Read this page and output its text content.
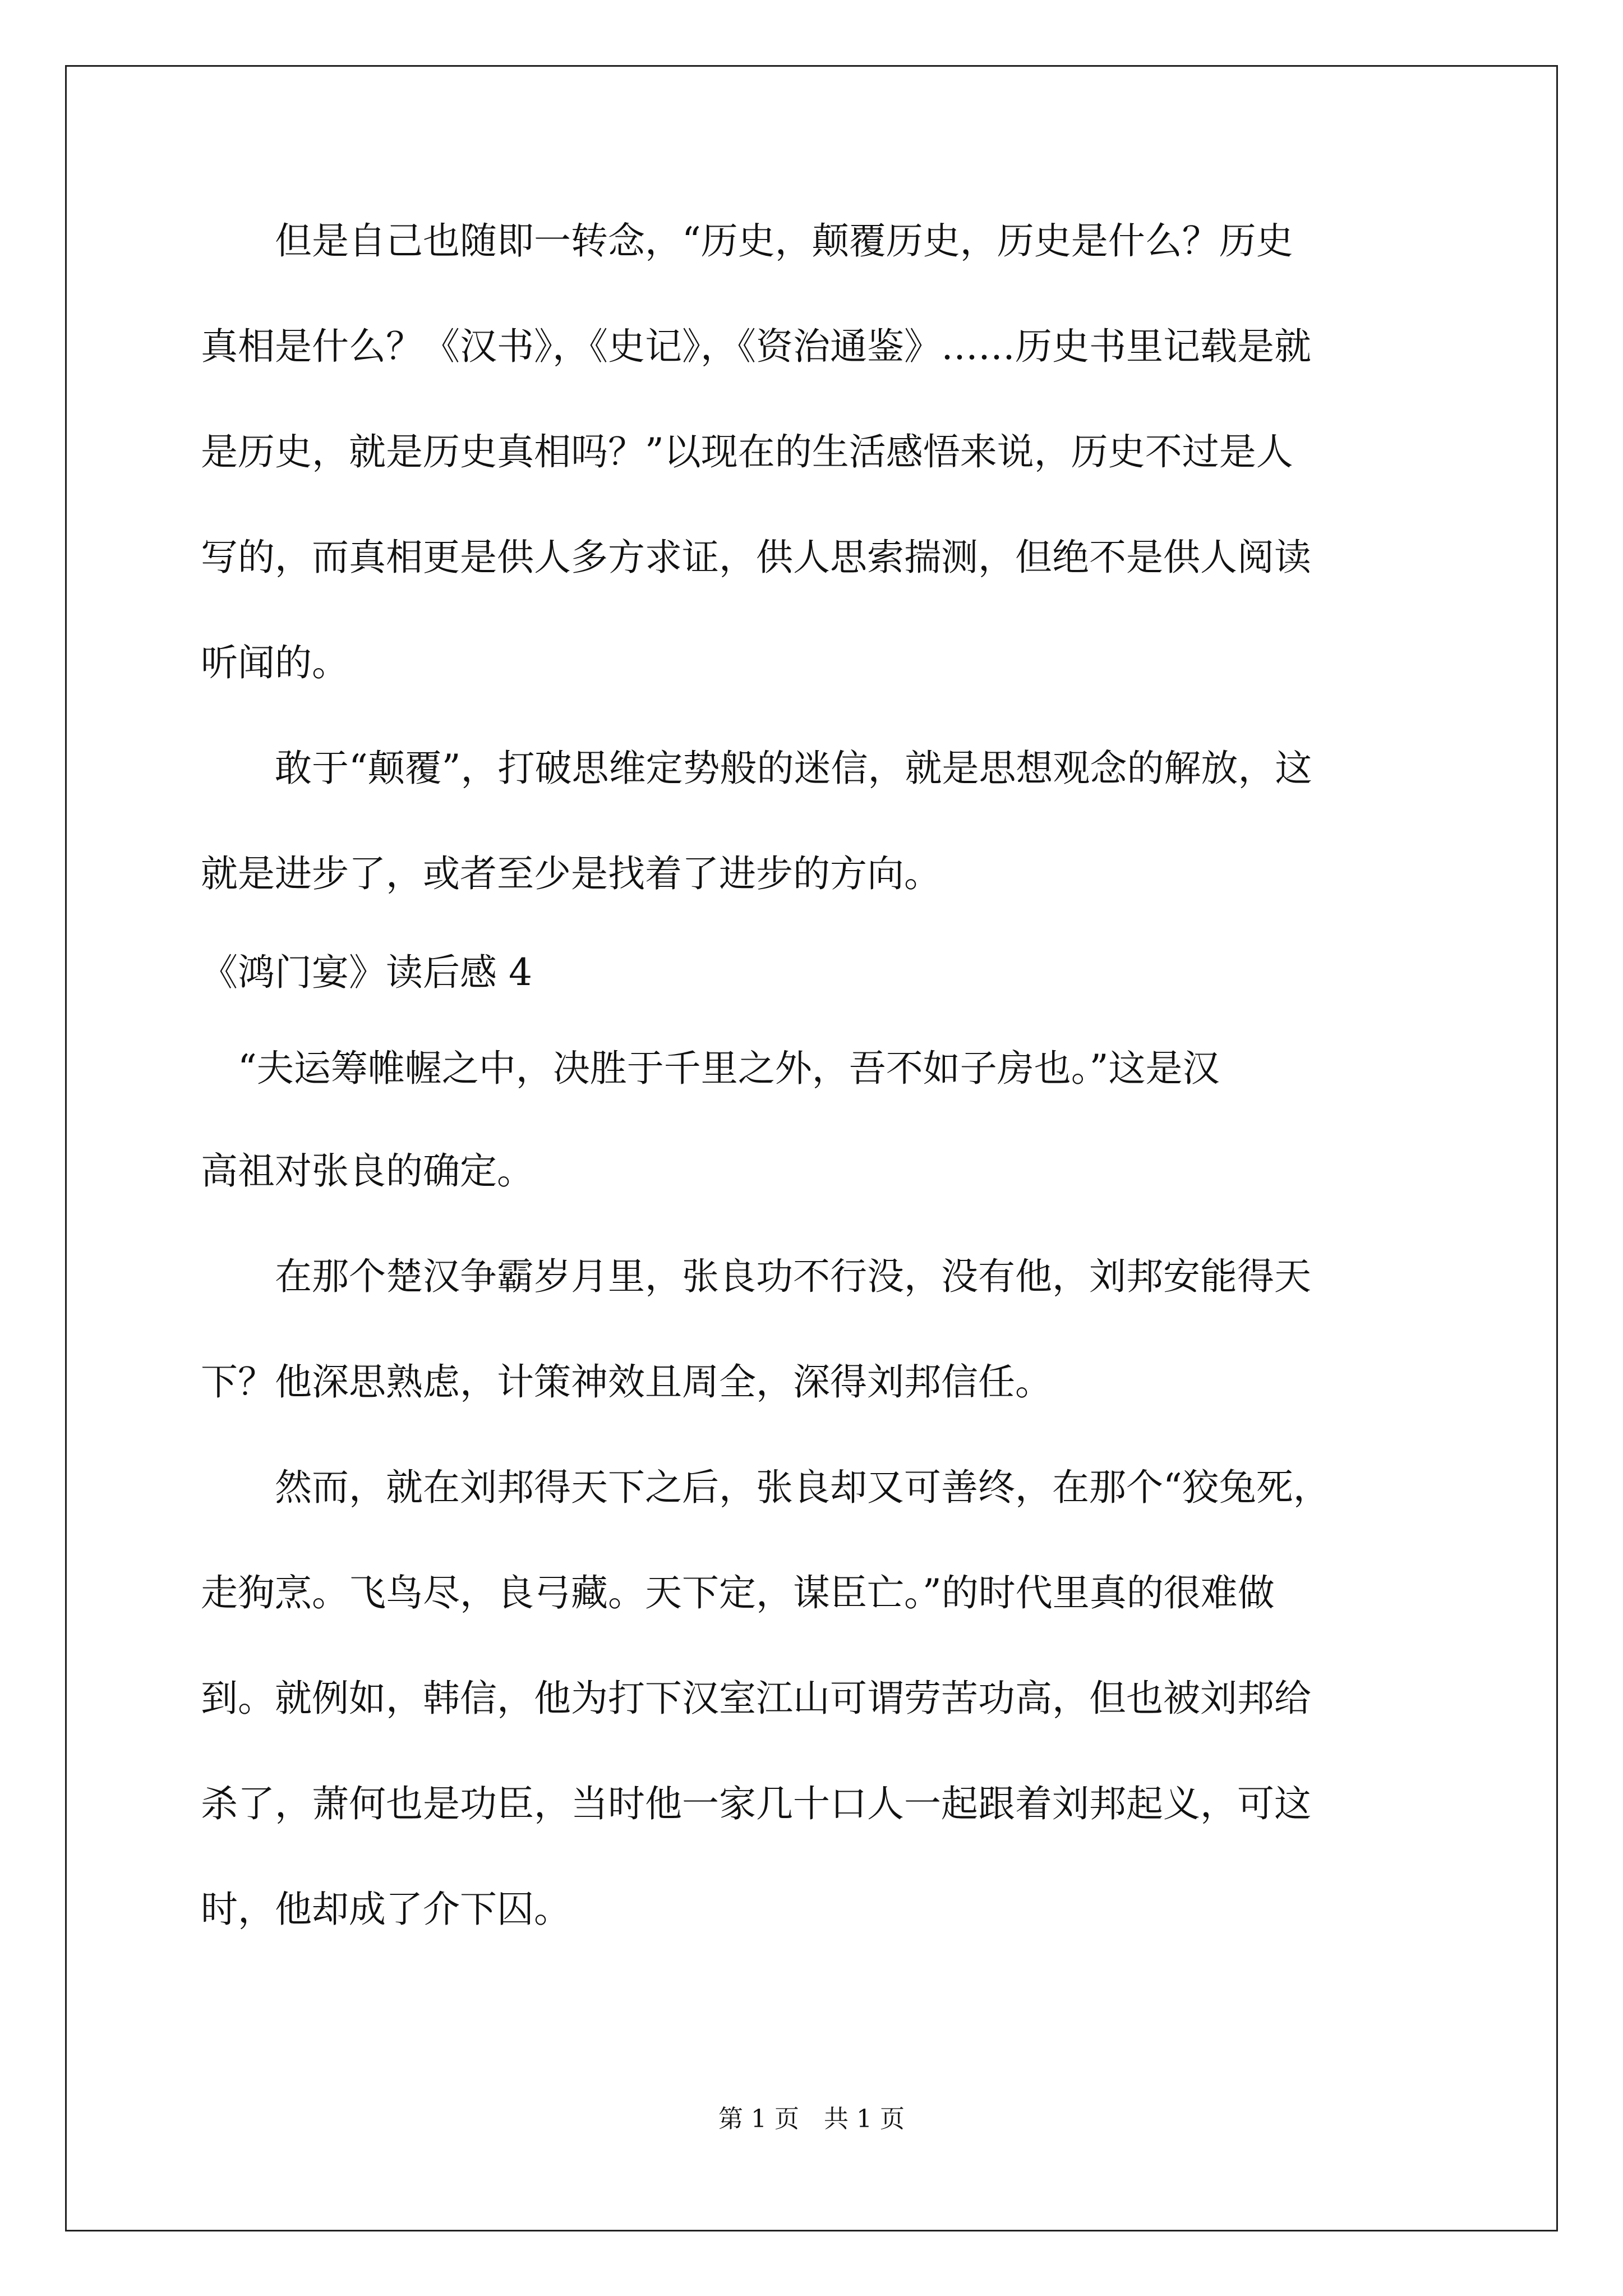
　　但是自己也随即一转念，“历史，颠覆历史，历史是什么？历史
真相是什么？《汉书》，《史记》，《资治通鉴》……历史书里记载是就
是历史，就是历史真相吗？”以现在的生活感悟来说，历史不过是人
写的，而真相更是供人多方求证，供人思索揣测，但绝不是供人阅读
听闻的。
　　敢于“颠覆”，打破思维定势般的迷信，就是思想观念的解放，这
就是进步了，或者至少是找着了进步的方向。
《鸿门宴》读后感 4
　“夫运筹帷幄之中，决胜于千里之外，吾不如子房也。”这是汉
高祖对张良的确定。
　　在那个楚汉争霸岁月里，张良功不行没，没有他，刘邦安能得天
下？他深思熟虑，计策神效且周全，深得刘邦信任。
　　然而，就在刘邦得天下之后，张良却又可善终，在那个“狡兔死，
走狗烹。飞鸟尽，良弓藏。天下定，谋臣亡。”的时代里真的很难做
到。就例如，韩信，他为打下汉室江山可谓劳苦功高，但也被刘邦给
杀了，萧何也是功臣，当时他一家几十口人一起跟着刘邦起义，可这
时，他却成了介下囚。
第 1 页　共 1 页
